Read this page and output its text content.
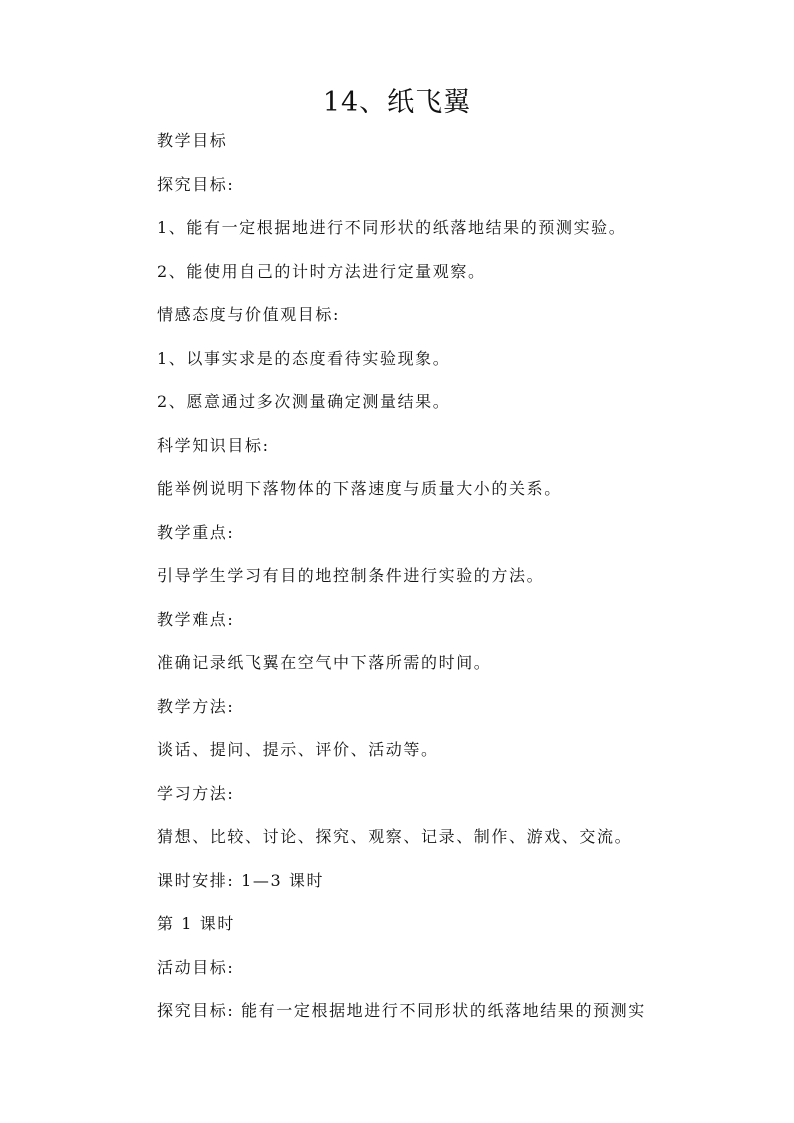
14、纸飞翼

教学目标

探究目标:

1、能有一定根据地进行不同形状的纸落地结果的预测实验。

2、能使用自己的计时方法进行定量观察。

情感态度与价值观目标:

1、以事实求是的态度看待实验现象。

2、愿意通过多次测量确定测量结果。

科学知识目标:

能举例说明下落物体的下落速度与质量大小的关系。

教学重点:

引导学生学习有目的地控制条件进行实验的方法。

教学难点:

准确记录纸飞翼在空气中下落所需的时间。

教学方法:

谈话、提问、提示、评价、活动等。

学习方法:

猜想、比较、讨论、探究、观察、记录、制作、游戏、交流。

课时安排: 1—3 课时

第 1 课时

活动目标:

探究目标: 能有一定根据地进行不同形状的纸落地结果的预测实
